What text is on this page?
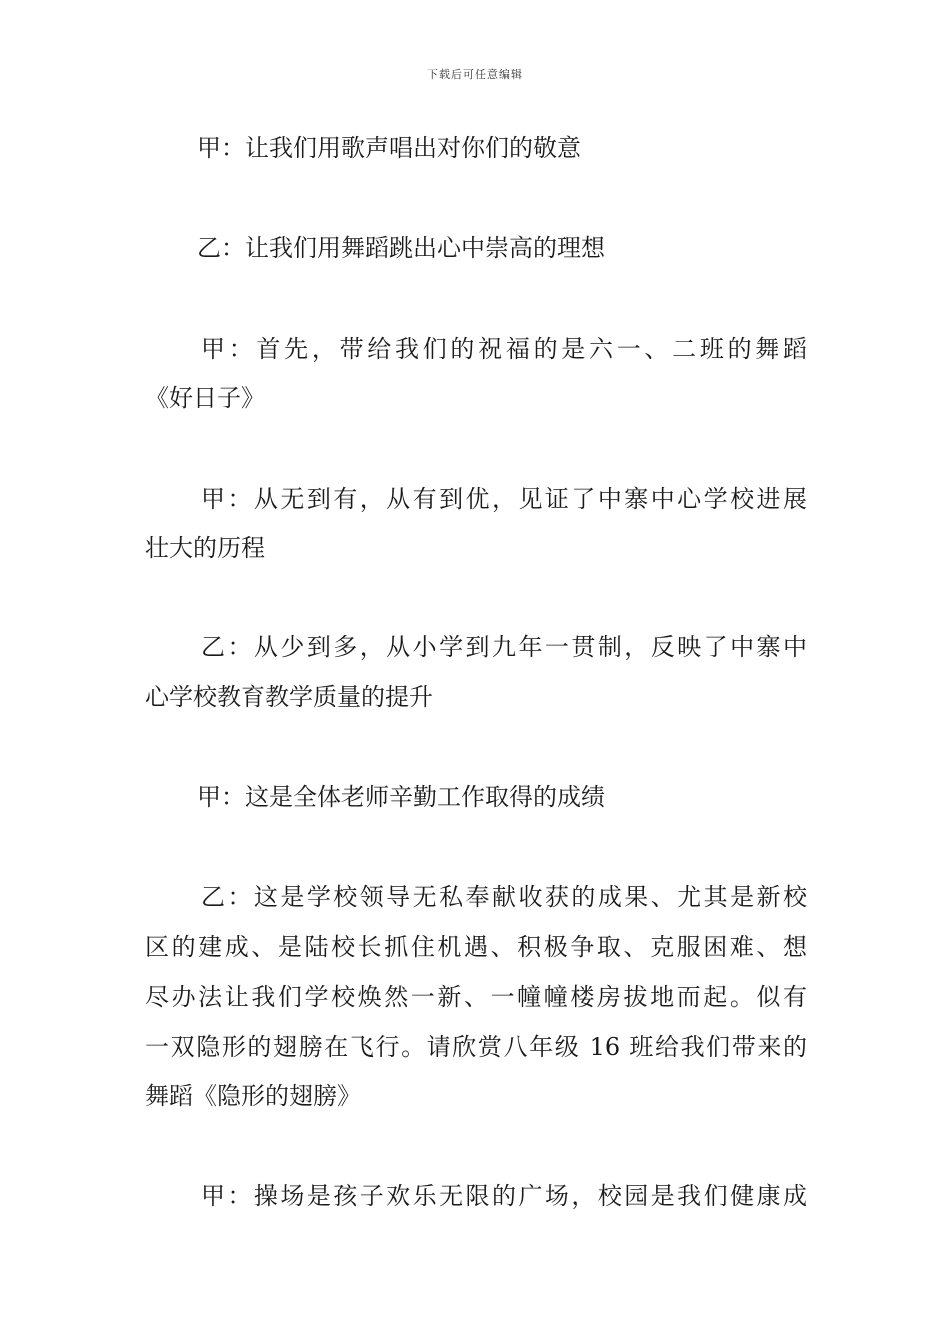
下载后可任意编辑
甲：让我们用歌声唱出对你们的敬意
乙：让我们用舞蹈跳出心中崇高的理想
甲：首先，带给我们的祝福的是六一、二班的舞蹈
《好日子》
甲：从无到有，从有到优，见证了中寨中心学校进展
壮大的历程
乙：从少到多，从小学到九年一贯制，反映了中寨中
心学校教育教学质量的提升
甲：这是全体老师辛勤工作取得的成绩
乙：这是学校领导无私奉献收获的成果、尤其是新校
区的建成、是陆校长抓住机遇、积极争取、克服困难、想
尽办法让我们学校焕然一新、一幢幢楼房拔地而起。似有
一双隐形的翅膀在飞行。请欣赏八年级 16 班给我们带来的
舞蹈《隐形的翅膀》
甲：操场是孩子欢乐无限的广场，校园是我们健康成
